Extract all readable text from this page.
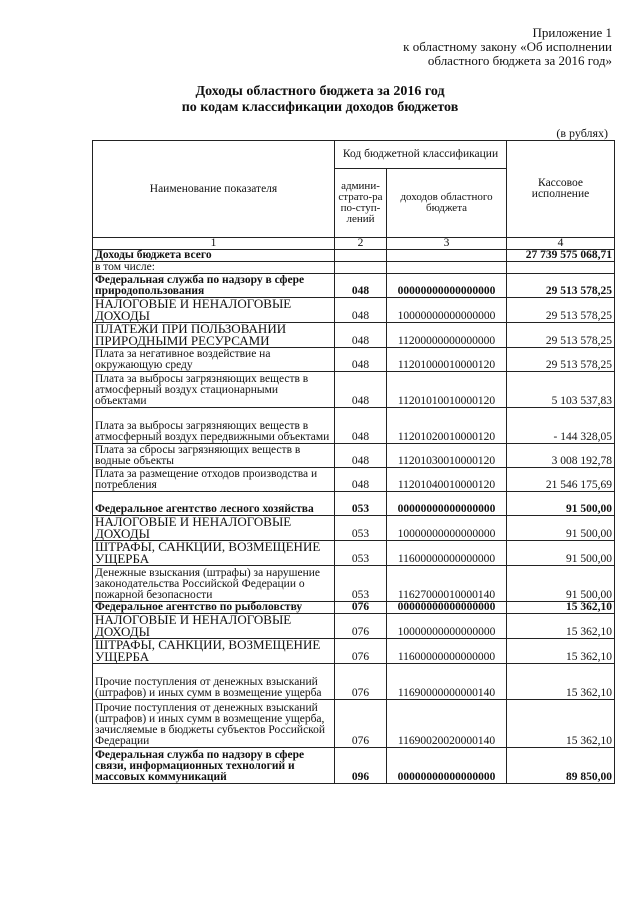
Приложение 1
к областному закону «Об исполнении
областного бюджета за 2016 год»
Доходы областного бюджета за 2016 год
по кодам классификации доходов бюджетов
(в рублях)
Наименование показателя	Код бюджетной классификации		Кассовое исполнение
	админи-страто-ра по-ступ-лений	доходов областного бюджета	
1	2	3	4
Доходы бюджета всего			27 739 575 068,71
в том числе:			
Федеральная служба по надзору в сфере природопользования	048	00000000000000000	29 513 578,25
НАЛОГОВЫЕ И НЕНАЛОГОВЫЕ ДОХОДЫ	048	10000000000000000	29 513 578,25
ПЛАТЕЖИ ПРИ ПОЛЬЗОВАНИИ ПРИРОДНЫМИ РЕСУРСАМИ	048	11200000000000000	29 513 578,25
Плата за негативное воздействие на окружающую среду	048	11201000010000120	29 513 578,25
Плата за выбросы загрязняющих веществ в атмосферный воздух стационарными объектами	048	11201010010000120	5 103 537,83
Плата за выбросы загрязняющих веществ в атмосферный воздух передвижными объектами	048	11201020010000120	- 144 328,05
Плата за сбросы загрязняющих веществ в водные объекты	048	11201030010000120	3 008 192,78
Плата за размещение отходов производства и потребления	048	11201040010000120	21 546 175,69
Федеральное агентство лесного хозяйства	053	00000000000000000	91 500,00
НАЛОГОВЫЕ И НЕНАЛОГОВЫЕ ДОХОДЫ	053	10000000000000000	91 500,00
ШТРАФЫ, САНКЦИИ, ВОЗМЕЩЕНИЕ УЩЕРБА	053	11600000000000000	91 500,00
Денежные взыскания (штрафы) за нарушение законодательства Российской Федерации о пожарной безопасности	053	11627000010000140	91 500,00
Федеральное агентство по рыболовству	076	00000000000000000	15 362,10
НАЛОГОВЫЕ И НЕНАЛОГОВЫЕ ДОХОДЫ	076	10000000000000000	15 362,10
ШТРАФЫ, САНКЦИИ, ВОЗМЕЩЕНИЕ УЩЕРБА	076	11600000000000000	15 362,10
Прочие поступления от денежных взысканий (штрафов) и иных сумм в возмещение ущерба	076	11690000000000140	15 362,10
Прочие поступления от денежных взысканий (штрафов) и иных сумм в возмещение ущерба, зачисляемые в бюджеты субъектов Российской Федерации	076	11690020020000140	15 362,10
Федеральная служба по надзору в сфере связи, информационных технологий и массовых коммуникаций	096	00000000000000000	89 850,00
